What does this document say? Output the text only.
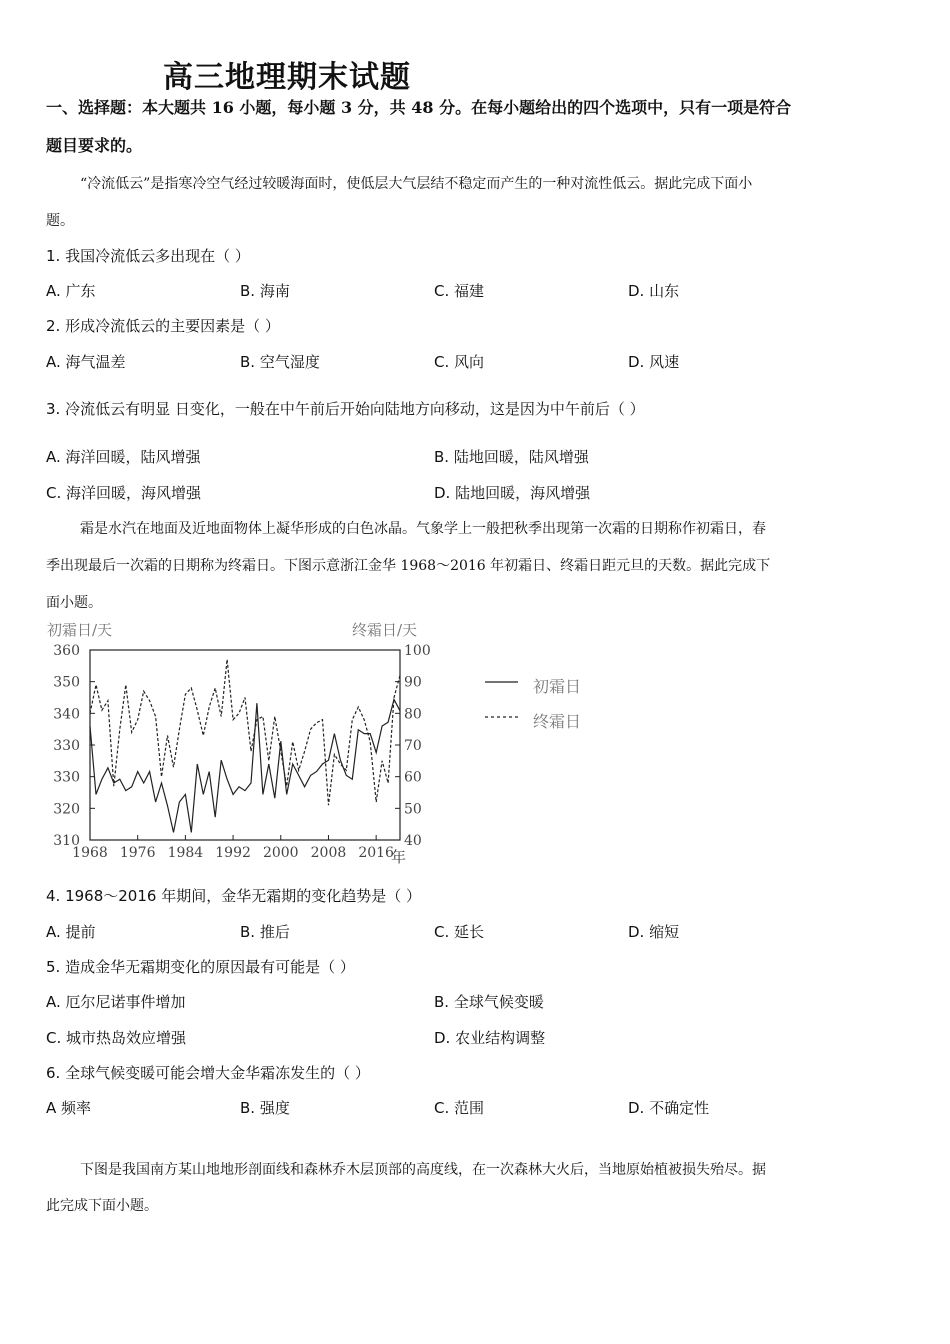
高三地理期末试题
一、选择题：本大题共 16 小题，每小题 3 分，共 48 分。在每小题给出的四个选项中，只有一项是符合
题目要求的。
“冷流低云”是指寒冷空气经过较暖海面时，使低层大气层结不稳定而产生的一种对流性低云。据此完成下面小
题。
1. 我国冷流低云多出现在（ ）
A. 广东	B. 海南	C. 福建	D. 山东
2. 形成冷流低云的主要因素是（ ）
A. 海气温差	B. 空气湿度	C. 风向	D. 风速
3. 冷流低云有明显 日变化，一般在中午前后开始向陆地方向移动，这是因为中午前后（ ）
A. 海洋回暖，陆风增强	B. 陆地回暖，陆风增强
C. 海洋回暖，海风增强	D. 陆地回暖，海风增强
霜是水汽在地面及近地面物体上凝华形成的白色冰晶。气象学上一般把秋季出现第一次霜的日期称作初霜日，春
季出现最后一次霜的日期称为终霜日。下图示意浙江金华 1968～2016 年初霜日、终霜日距元旦的天数。据此完成下
面小题。
初霜日/天	终霜日/天
360
350
340
330
330
320
310
100
90
80
70
60
50
40
1968 1976 1984 1992 2000 2008 2016
年
初霜日
终霜日
4. 1968～2016 年期间，金华无霜期的变化趋势是（ ）
A. 提前	B. 推后	C. 延长	D. 缩短
5. 造成金华无霜期变化的原因最有可能是（ ）
A. 厄尔尼诺事件增加	B. 全球气候变暖
C. 城市热岛效应增强	D. 农业结构调整
6. 全球气候变暖可能会增大金华霜冻发生的（ ）
A 频率	B. 强度	C. 范围	D. 不确定性
下图是我国南方某山地地形剖面线和森林乔木层顶部的高度线，在一次森林大火后，当地原始植被损失殆尽。据
此完成下面小题。
